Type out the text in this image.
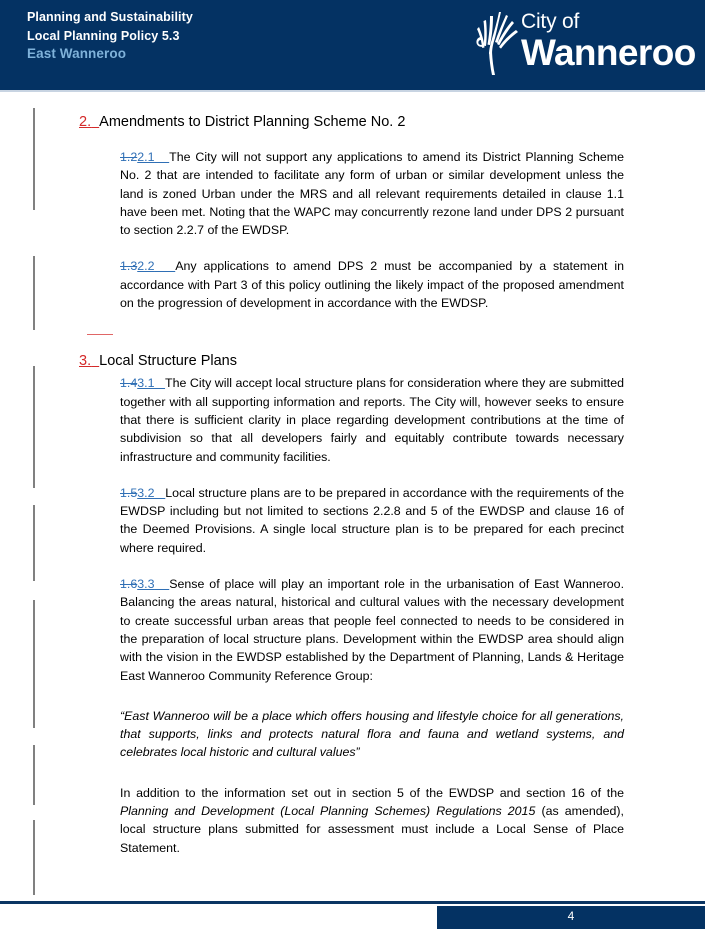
Planning and Sustainability
Local Planning Policy 5.3
East Wanneroo
City of
Wanneroo
2. Amendments to District Planning Scheme No. 2

1.22.1 The City will not support any applications to amend its District Planning Scheme No. 2 that are intended to facilitate any form of urban or similar development unless the land is zoned Urban under the MRS and all relevant requirements detailed in clause 1.1 have been met. Noting that the WAPC may concurrently rezone land under DPS 2 pursuant to section 2.2.7 of the EWDSP.

1.32.2 Any applications to amend DPS 2 must be accompanied by a statement in accordance with Part 3 of this policy outlining the likely impact of the proposed amendment on the progression of development in accordance with the EWDSP.

3. Local Structure Plans

1.43.1 The City will accept local structure plans for consideration where they are submitted together with all supporting information and reports. The City will, however seeks to ensure that there is sufficient clarity in place regarding development contributions at the time of subdivision so that all developers fairly and equitably contribute towards necessary infrastructure and community facilities.

1.53.2 Local structure plans are to be prepared in accordance with the requirements of the EWDSP including but not limited to sections 2.2.8 and 5 of the EWDSP and clause 16 of the Deemed Provisions. A single local structure plan is to be prepared for each precinct where required.

1.63.3 Sense of place will play an important role in the urbanisation of East Wanneroo. Balancing the areas natural, historical and cultural values with the necessary development to create successful urban areas that people feel connected to needs to be considered in the preparation of local structure plans. Development within the EWDSP area should align with the vision in the EWDSP established by the Department of Planning, Lands & Heritage East Wanneroo Community Reference Group:

“East Wanneroo will be a place which offers housing and lifestyle choice for all generations, that supports, links and protects natural flora and fauna and wetland systems, and celebrates local historic and cultural values”

In addition to the information set out in section 5 of the EWDSP and section 16 of the Planning and Development (Local Planning Schemes) Regulations 2015 (as amended), local structure plans submitted for assessment must include a Local Sense of Place Statement.

4
